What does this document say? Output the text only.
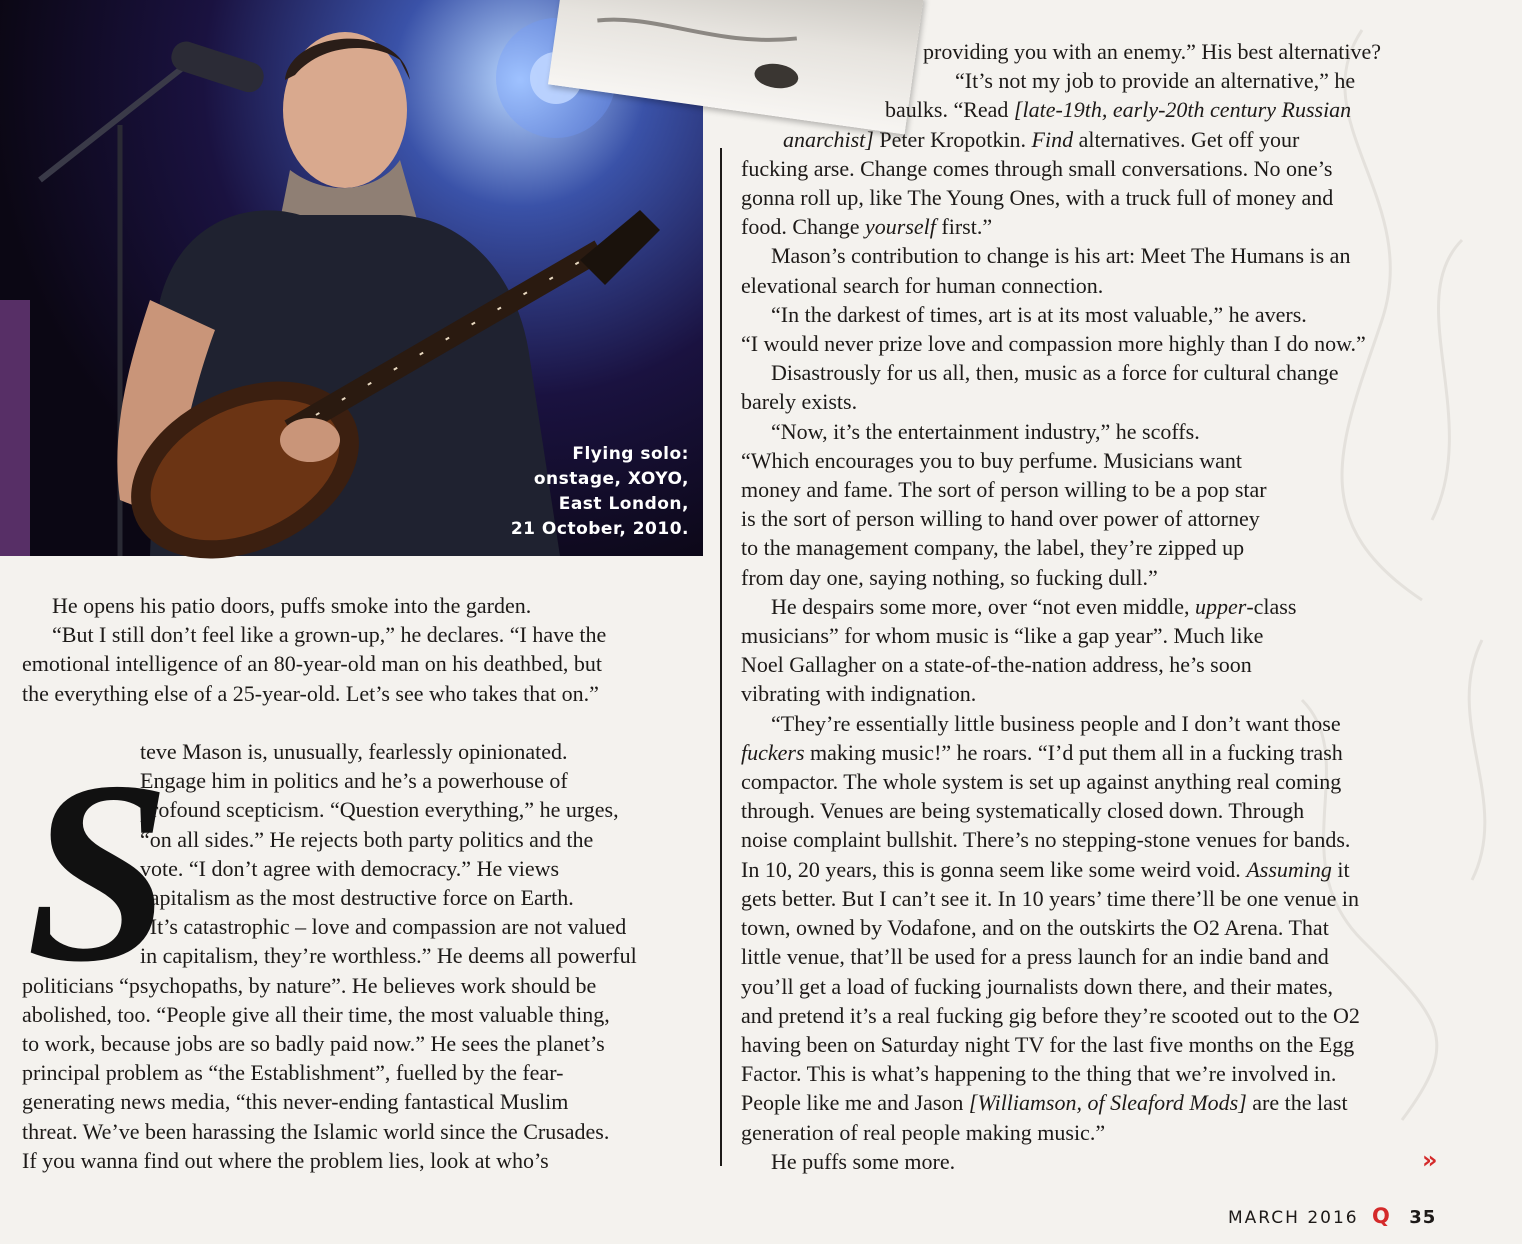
Flying solo:
onstage, XOYO,
East London,
21 October, 2010.

He opens his patio doors, puffs smoke into the garden.

“But I still don’t feel like a grown-up,” he declares. “I have the
emotional intelligence of an 80-year-old man on his deathbed, but
the everything else of a 25-year-old. Let’s see who takes that on.”

S
teve Mason is, unusually, fearlessly opinionated.
Engage him in politics and he’s a powerhouse of
profound scepticism. “Question everything,” he urges,
“on all sides.” He rejects both party politics and the
vote. “I don’t agree with democracy.” He views
capitalism as the most destructive force on Earth.
“It’s catastrophic – love and compassion are not valued
in capitalism, they’re worthless.” He deems all powerful
politicians “psychopaths, by nature”. He believes work should be
abolished, too. “People give all their time, the most valuable thing,
to work, because jobs are so badly paid now.” He sees the planet’s
principal problem as “the Establishment”, fuelled by the fear-
generating news media, “this never-ending fantastical Muslim
threat. We’ve been harassing the Islamic world since the Crusades.
If you wanna find out where the problem lies, look at who’s
providing you with an enemy.” His best alternative?
“It’s not my job to provide an alternative,” he
baulks. “Read [late-19th, early-20th century Russian
anarchist] Peter Kropotkin. Find alternatives. Get off your
fucking arse. Change comes through small conversations. No one’s
gonna roll up, like The Young Ones, with a truck full of money and
food. Change yourself first.”
Mason’s contribution to change is his art: Meet The Humans is an
elevational search for human connection.
“In the darkest of times, art is at its most valuable,” he avers.
“I would never prize love and compassion more highly than I do now.”
Disastrously for us all, then, music as a force for cultural change
barely exists.
“Now, it’s the entertainment industry,” he scoffs.
“Which encourages you to buy perfume. Musicians want
money and fame. The sort of person willing to be a pop star
is the sort of person willing to hand over power of attorney
to the management company, the label, they’re zipped up
from day one, saying nothing, so fucking dull.”
He despairs some more, over “not even middle, upper-class
musicians” for whom music is “like a gap year”. Much like
Noel Gallagher on a state-of-the-nation address, he’s soon
vibrating with indignation.
“They’re essentially little business people and I don’t want those
fuckers making music!” he roars. “I’d put them all in a fucking trash
compactor. The whole system is set up against anything real coming
through. Venues are being systematically closed down. Through
noise complaint bullshit. There’s no stepping-stone venues for bands.
In 10, 20 years, this is gonna seem like some weird void. Assuming it
gets better. But I can’t see it. In 10 years’ time there’ll be one venue in
town, owned by Vodafone, and on the outskirts the O2 Arena. That
little venue, that’ll be used for a press launch for an indie band and
you’ll get a load of fucking journalists down there, and their mates,
and pretend it’s a real fucking gig before they’re scooted out to the O2
having been on Saturday night TV for the last five months on the Egg
Factor. This is what’s happening to the thing that we’re involved in.
People like me and Jason [Williamson, of Sleaford Mods] are the last
generation of real people making music.”
He puffs some more.	»
MARCH 2016 Q 35
